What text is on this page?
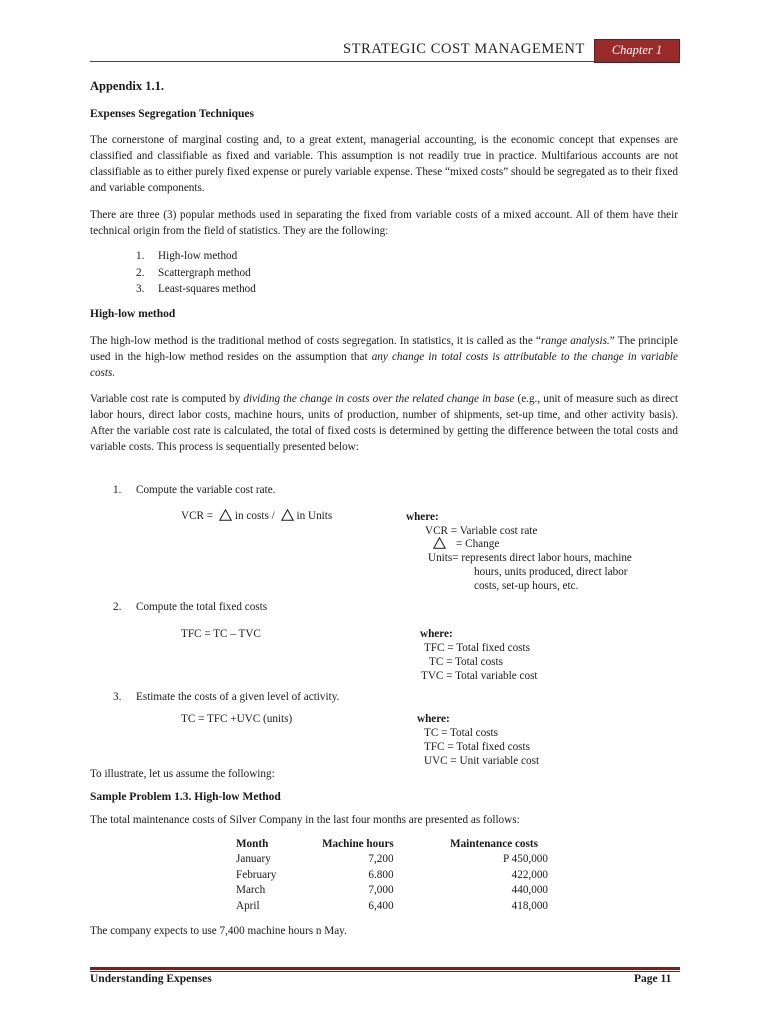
STRATEGIC COST MANAGEMENT	Chapter 1
Appendix 1.1.
Expenses Segregation Techniques
The cornerstone of marginal costing and, to a great extent, managerial accounting, is the economic concept that expenses are classified and classifiable as fixed and variable. This assumption is not readily true in practice. Multifarious accounts are not classifiable as to either purely fixed expense or purely variable expense. These “mixed costs” should be segregated as to their fixed and variable components.
There are three (3) popular methods used in separating the fixed from variable costs of a mixed account. All of them have their technical origin from the field of statistics. They are the following:
1. High-low method
2. Scattergraph method
3. Least-squares method
High-low method
The high-low method is the traditional method of costs segregation. In statistics, it is called as the “range analysis.” The principle used in the high-low method resides on the assumption that any change in total costs is attributable to the change in variable costs.
Variable cost rate is computed by dividing the change in costs over the related change in base (e.g., unit of measure such as direct labor hours, direct labor costs, machine hours, units of production, number of shipments, set-up time, and other activity basis). After the variable cost rate is calculated, the total of fixed costs is determined by getting the difference between the total costs and variable costs. This process is sequentially presented below:
1. Compute the variable cost rate.
VCR = in costs / in Units	where:
VCR = Variable cost rate
= Change
Units= represents direct labor hours, machine
hours, units produced, direct labor
costs, set-up hours, etc.
2. Compute the total fixed costs
TFC = TC – TVC	where:
TFC = Total fixed costs
TC = Total costs
TVC = Total variable cost
3. Estimate the costs of a given level of activity.
TC = TFC +UVC (units)	where:
TC = Total costs
TFC = Total fixed costs
UVC = Unit variable cost
To illustrate, let us assume the following:
Sample Problem 1.3. High-low Method
The total maintenance costs of Silver Company in the last four months are presented as follows:
Month	Machine hours	Maintenance costs
January	7,200	P 450,000
February	6.800	422,000
March	7,000	440,000
April	6,400	418,000
The company expects to use 7,400 machine hours n May.
Understanding Expenses	Page 11
